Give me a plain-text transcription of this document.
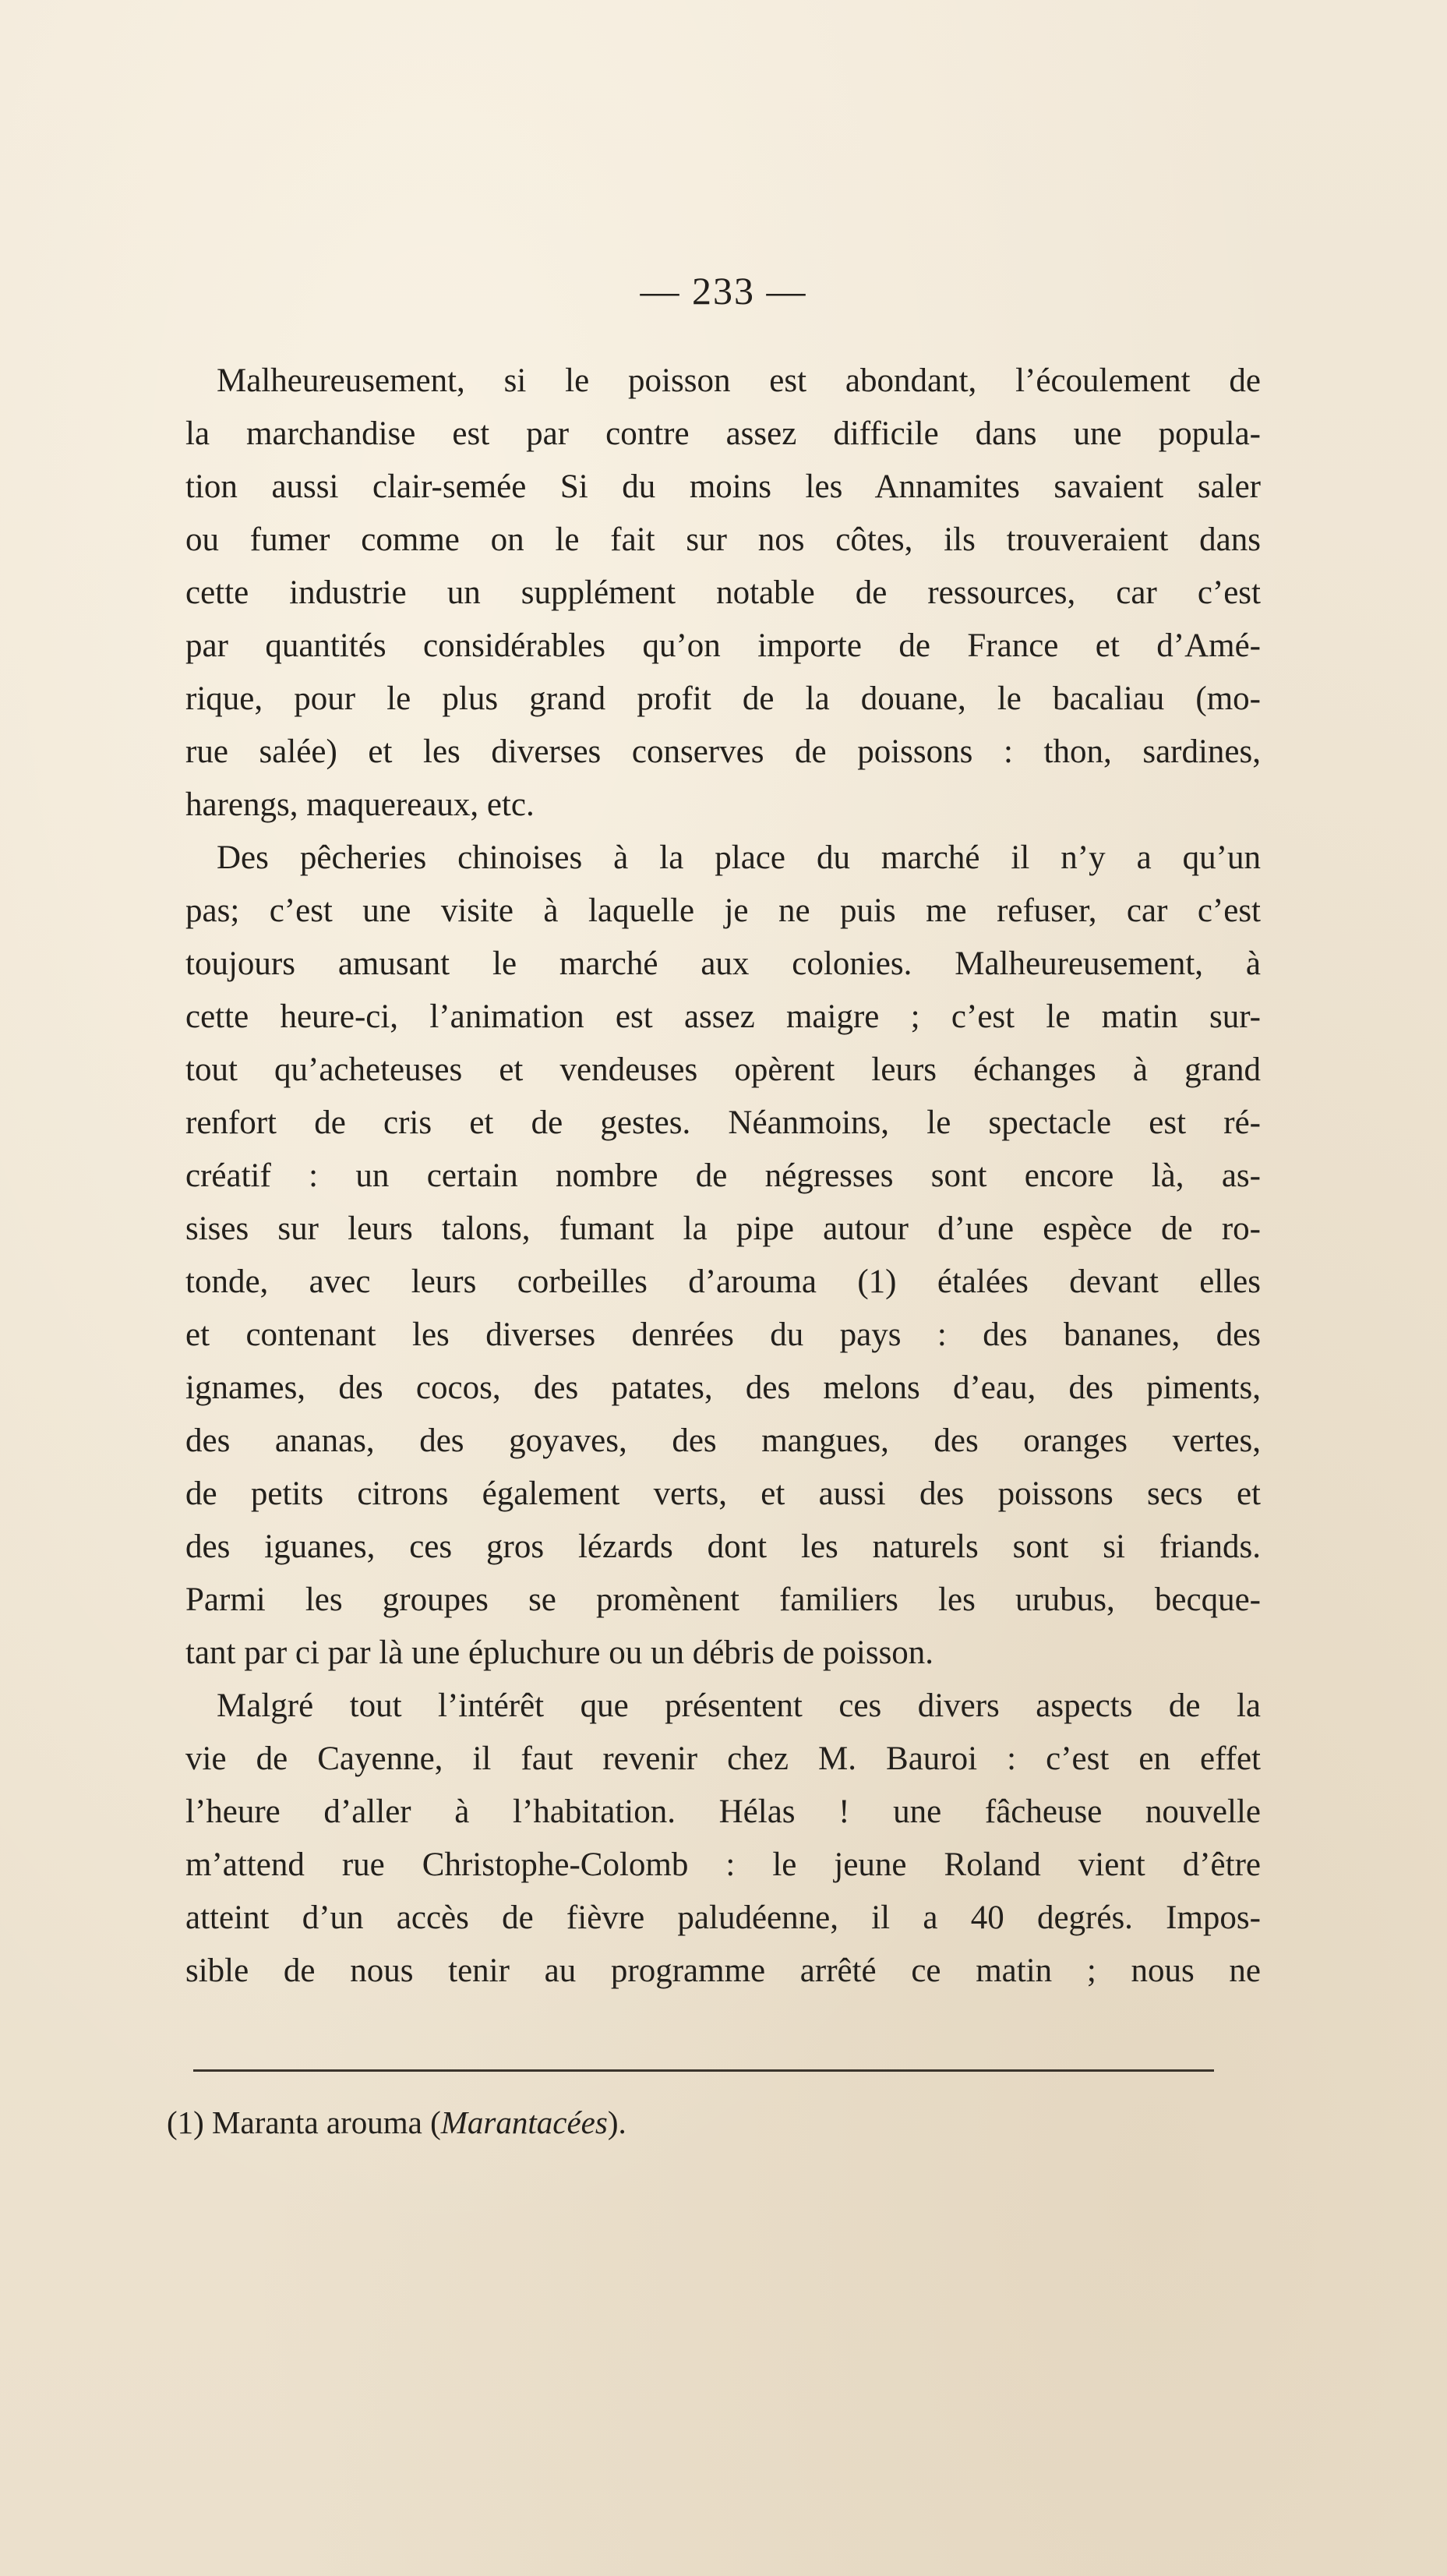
— 233 —
Malheureusement, si le poisson est abondant, l’écoulement de
la marchandise est par contre assez difficile dans une popula-
tion aussi clair-semée Si du moins les Annamites savaient saler
ou fumer comme on le fait sur nos côtes, ils trouveraient dans
cette industrie un supplément notable de ressources, car c’est
par quantités considérables qu’on importe de France et d’Amé-
rique, pour le plus grand profit de la douane, le bacaliau (mo-
rue salée) et les diverses conserves de poissons : thon, sardines,
harengs, maquereaux, etc.
Des pêcheries chinoises à la place du marché il n’y a qu’un
pas; c’est une visite à laquelle je ne puis me refuser, car c’est
toujours amusant le marché aux colonies. Malheureusement, à
cette heure-ci, l’animation est assez maigre ; c’est le matin sur-
tout qu’acheteuses et vendeuses opèrent leurs échanges à grand
renfort de cris et de gestes. Néanmoins, le spectacle est ré-
créatif : un certain nombre de négresses sont encore là, as-
sises sur leurs talons, fumant la pipe autour d’une espèce de ro-
tonde, avec leurs corbeilles d’arouma (1) étalées devant elles
et contenant les diverses denrées du pays : des bananes, des
ignames, des cocos, des patates, des melons d’eau, des piments,
des ananas, des goyaves, des mangues, des oranges vertes,
de petits citrons également verts, et aussi des poissons secs et
des iguanes, ces gros lézards dont les naturels sont si friands.
Parmi les groupes se promènent familiers les urubus, becque-
tant par ci par là une épluchure ou un débris de poisson.
Malgré tout l’intérêt que présentent ces divers aspects de la
vie de Cayenne, il faut revenir chez M. Bauroi : c’est en effet
l’heure d’aller à l’habitation. Hélas ! une fâcheuse nouvelle
m’attend rue Christophe-Colomb : le jeune Roland vient d’être
atteint d’un accès de fièvre paludéenne, il a 40 degrés. Impos-
sible de nous tenir au programme arrêté ce matin ; nous ne
(1) Maranta arouma (Marantacées).
